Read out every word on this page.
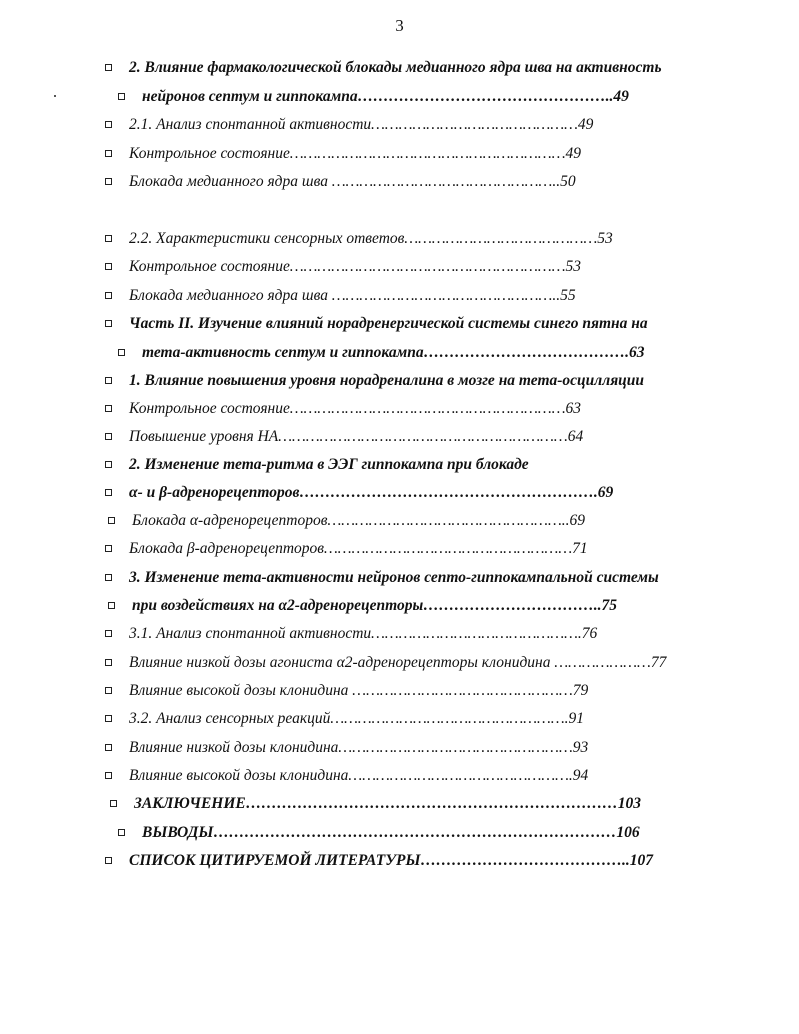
3
2. Влияние фармакологической блокады медианного ядра шва на активность
нейронов септум и гиппокампа…………………………………………..49
2.1. Анализ спонтанной активности………………………………………49
Контрольное состояние……………………………………………………49
Блокада медианного ядра шва …………………………………………..50
2.2. Характеристики сенсорных ответов……………………………………53
Контрольное состояние……………………………………………………53
Блокада медианного ядра шва …………………………………………..55
Часть II. Изучение влияний норадренергической системы синего пятна на
тета-активность септум и гиппокампа………………………………….63
1. Влияние повышения уровня норадреналина в мозге на тета-осцилляции
Контрольное состояние……………………………………………………63
Повышение уровня НА………………………………………………………64
2. Изменение тета-ритма в ЭЭГ гиппокампа при блокаде
α- и β-адренорецепторов………………………………………………….69
Блокада α-адренорецепторов……………………………………………..69
Блокада β-адренорецепторов………………………………………………71
3. Изменение тета-активности нейронов септо-гиппокампальной системы
при воздействиях на α2-адренорецепторы……………………………..75
3.1. Анализ спонтанной активности……………………………………….76
Влияние низкой дозы агониста α2-адренорецепторы клонидина …………………77
Влияние высокой дозы клонидина …………………………………………79
3.2. Анализ сенсорных реакций…………………………………………….91
Влияние низкой дозы клонидина……………………………………………93
Влияние высокой дозы клонидина………………………………………….94
ЗАКЛЮЧЕНИЕ………………………………………………………………103
ВЫВОДЫ……………………………………………………………………106
СПИСОК ЦИТИРУЕМОЙ ЛИТЕРАТУРЫ…………………………………..107
